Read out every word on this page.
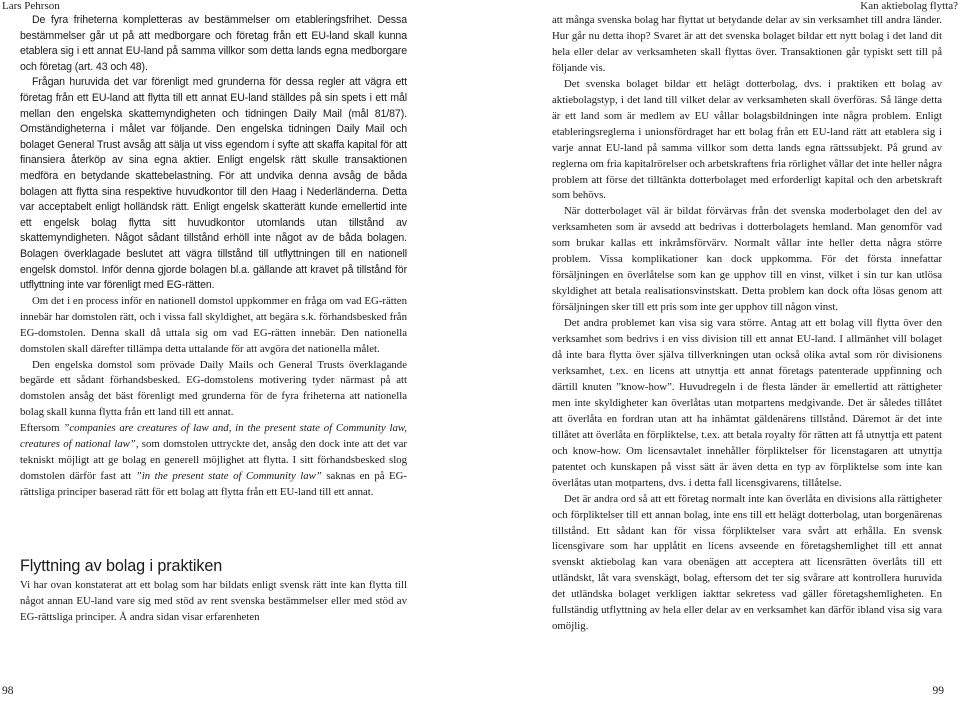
Lars Pehrson	Kan aktiebolag flytta?

De fyra friheterna kompletteras av bestämmelser om etableringsfrihet. Dessa bestämmelser går ut på att medborgare och företag från ett EU-land skall kunna etablera sig i ett annat EU-land på samma villkor som detta lands egna medborgare och företag (art. 43 och 48).

Frågan huruvida det var förenligt med grunderna för dessa regler att vägra ett företag från ett EU-land att flytta till ett annat EU-land ställdes på sin spets i ett mål mellan den engelska skattemyndigheten och tidningen Daily Mail (mål 81/87). Omständigheterna i målet var följande. Den engelska tidningen Daily Mail och bolaget General Trust avsåg att sälja ut viss egendom i syfte att skaffa kapital för att finansiera återköp av sina egna aktier. Enligt engelsk rätt skulle transaktionen medföra en betydande skattebelastning. För att undvika denna avsåg de båda bolagen att flytta sina respektive huvudkontor till den Haag i Nederländerna. Detta var acceptabelt enligt holländsk rätt. Enligt engelsk skatterätt kunde emellertid inte ett engelsk bolag flytta sitt huvudkontor utomlands utan tillstånd av skattemyndigheten. Något sådant tillstånd erhöll inte något av de båda bolagen. Bolagen överklagade beslutet att vägra tillstånd till utflyttningen till en nationell engelsk domstol. Inför denna gjorde bolagen bl.a. gällande att kravet på tillstånd för utflyttning inte var förenligt med EG-rätten.

Om det i en process inför en nationell domstol uppkommer en fråga om vad EG-rätten innebär har domstolen rätt, och i vissa fall skyldighet, att begära s.k. förhandsbesked från EG-domstolen. Denna skall då uttala sig om vad EG-rätten innebär. Den nationella domstolen skall därefter tillämpa detta uttalande för att avgöra det nationella målet.

Den engelska domstol som prövade Daily Mails och General Trusts överklagande begärde ett sådant förhandsbesked. EG-domstolens motivering tyder närmast på att domstolen ansåg det bäst förenligt med grunderna för de fyra friheterna att nationella bolag skall kunna flytta från ett land till ett annat.

Eftersom ”companies are creatures of law and, in the present state of Community law, creatures of national law”, som domstolen uttryckte det, ansåg den dock inte att det var tekniskt möjligt att ge bolag en generell möjlighet att flytta. I sitt förhandsbesked slog domstolen därför fast att ”in the present state of Community law” saknas en på EG-rättsliga principer baserad rätt för ett bolag att flytta från ett EU-land till ett annat.

Flyttning av bolag i praktiken

Vi har ovan konstaterat att ett bolag som har bildats enligt svensk rätt inte kan flytta till något annan EU-land vare sig med stöd av rent svenska bestämmelser eller med stöd av EG-rättsliga principer. Å andra sidan visar erfarenheten

att många svenska bolag har flyttat ut betydande delar av sin verksamhet till andra länder. Hur går nu detta ihop? Svaret är att det svenska bolaget bildar ett nytt bolag i det land dit hela eller delar av verksamheten skall flyttas över. Transaktionen går typiskt sett till på följande vis.

Det svenska bolaget bildar ett helägt dotterbolag, dvs. i praktiken ett bolag av aktiebolagstyp, i det land till vilket delar av verksamheten skall överföras. Så länge detta är ett land som är medlem av EU vållar bolagsbildningen inte några problem. Enligt etableringsreglerna i unionsfördraget har ett bolag från ett EU-land rätt att etablera sig i varje annat EU-land på samma villkor som detta lands egna rättssubjekt. På grund av reglerna om fria kapitalrörelser och arbetskraftens fria rörlighet vållar det inte heller några problem att förse det tilltänkta dotterbolaget med erforderligt kapital och den arbetskraft som behövs.

När dotterbolaget väl är bildat förvärvas från det svenska moderbolaget den del av verksamheten som är avsedd att bedrivas i dotterbolagets hemland. Man genomför vad som brukar kallas ett inkråmsförvärv. Normalt vållar inte heller detta några större problem. Vissa komplikationer kan dock uppkomma. För det första innefattar försäljningen en överlåtelse som kan ge upphov till en vinst, vilket i sin tur kan utlösa skyldighet att betala realisationsvinstskatt. Detta problem kan dock ofta lösas genom att försäljningen sker till ett pris som inte ger upphov till någon vinst.

Det andra problemet kan visa sig vara större. Antag att ett bolag vill flytta över den verksamhet som bedrivs i en viss division till ett annat EU-land. I allmänhet vill bolaget då inte bara flytta över själva tillverkningen utan också olika avtal som rör divisionens verksamhet, t.ex. en licens att utnyttja ett annat företags patenterade uppfinning och därtill knuten ”know-how”. Huvudregeln i de flesta länder är emellertid att rättigheter men inte skyldigheter kan överlåtas utan motpartens medgivande. Det är således tillåtet att överlåta en fordran utan att ha inhämtat gäldenärens tillstånd. Däremot är det inte tillåtet att överlåta en förpliktelse, t.ex. att betala royalty för rätten att få utnyttja ett patent och know-how. Om licensavtalet innehåller förpliktelser för licenstagaren att utnyttja patentet och kunskapen på visst sätt är även detta en typ av förpliktelse som inte kan överlåtas utan motpartens, dvs. i detta fall licensgivarens, tillåtelse.

Det är andra ord så att ett företag normalt inte kan överlåta en divisions alla rättigheter och förpliktelser till ett annan bolag, inte ens till ett helägt dotterbolag, utan borgenärenas tillstånd. Ett sådant kan för vissa förpliktelser vara svårt att erhålla. En svensk licensgivare som har upplåtit en licens avseende en företagshemlighet till ett annat svenskt aktiebolag kan vara obenägen att acceptera att licensrätten överlåts till ett utländskt, låt vara svenskägt, bolag, eftersom det ter sig svårare att kontrollera huruvida det utländska bolaget verkligen iakttar sekretess vad gäller företagshemligheten. En fullständig utflyttning av hela eller delar av en verksamhet kan därför ibland visa sig vara omöjlig.

98	99
